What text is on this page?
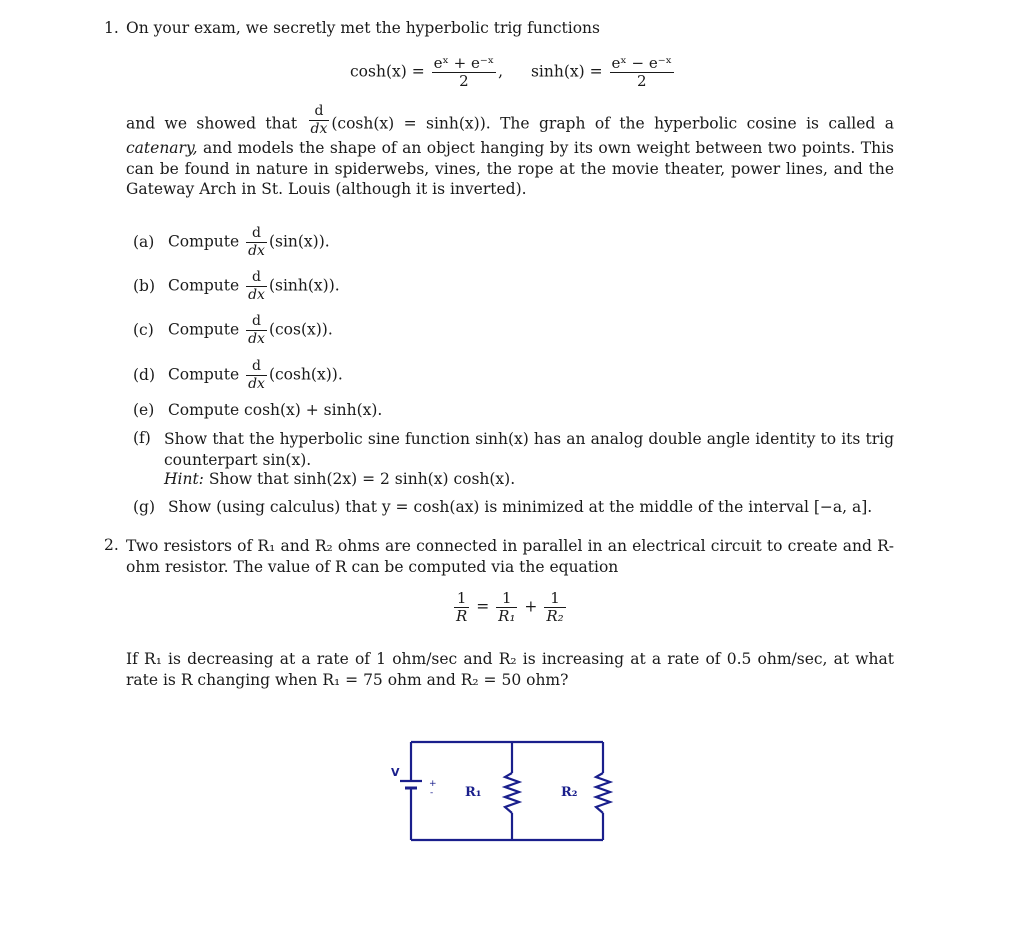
1. On your exam, we secretly met the hyperbolic trig functions
$\cosh(x) = \frac{\text{eˣ + e⁻ˣ}}{2}$ , $\sinh(x) = \frac{\text{eˣ − e⁻ˣ}}{2}$
and we showed that $\frac{d}{dx} (\cosh(x) = \sinh(x))$. The graph of the hyperbolic cosine is called a catenary, and models the shape of an object hanging by its own weight between two points. This can be found in nature in spiderwebs, vines, the rope at the movie theater, power lines, and the Gateway Arch in St. Louis (although it is inverted).
(a) Compute $\frac{d}{dx} (\sin(x))$.
(b) Compute $\frac{d}{dx} (\sinh(x))$.
(c) Compute $\frac{d}{dx} (\cos(x))$.
(d) Compute $\frac{d}{dx} (\cosh(x))$.
(e) Compute cosh(x) + sinh(x).
(f) Show that the hyperbolic sine function sinh(x) has an analog double angle identity to its trig counterpart sin(x).
Hint: Show that sinh(2x) = 2 sinh(x) cosh(x).
(g) Show (using calculus) that y = cosh(ax) is minimized at the middle of the interval [−a, a].
2. Two resistors of R₁ and R₂ ohms are connected in parallel in an electrical circuit to create and R-ohm resistor. The value of R can be computed via the equation
$\frac{1}{R} = \frac{1}{\text{R₁}} + \frac{1}{\text{R₂}}$
If R₁ is decreasing at a rate of 1 ohm/sec and R₂ is increasing at a rate of 0.5 ohm/sec, at what rate is R changing when R₁ = 75 ohm and R₂ = 50 ohm?
V
+
- R₁	R₂
